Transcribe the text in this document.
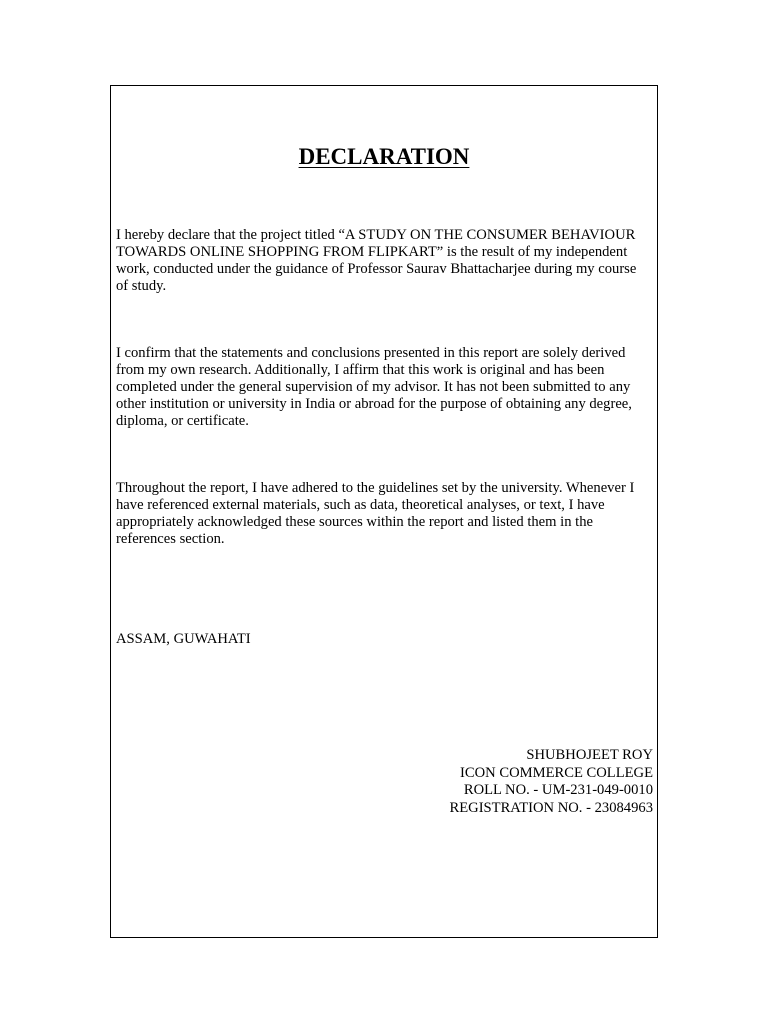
DECLARATION

I hereby declare that the project titled “A STUDY ON THE CONSUMER BEHAVIOUR TOWARDS ONLINE SHOPPING FROM FLIPKART” is the result of my independent work, conducted under the guidance of Professor Saurav Bhattacharjee during my course of study.

I confirm that the statements and conclusions presented in this report are solely derived from my own research. Additionally, I affirm that this work is original and has been completed under the general supervision of my advisor. It has not been submitted to any other institution or university in India or abroad for the purpose of obtaining any degree, diploma, or certificate.

Throughout the report, I have adhered to the guidelines set by the university. Whenever I have referenced external materials, such as data, theoretical analyses, or text, I have appropriately acknowledged these sources within the report and listed them in the references section.

ASSAM, GUWAHATI

SHUBHOJEET ROY
ICON COMMERCE COLLEGE
ROLL NO. - UM-231-049-0010
REGISTRATION NO. - 23084963
